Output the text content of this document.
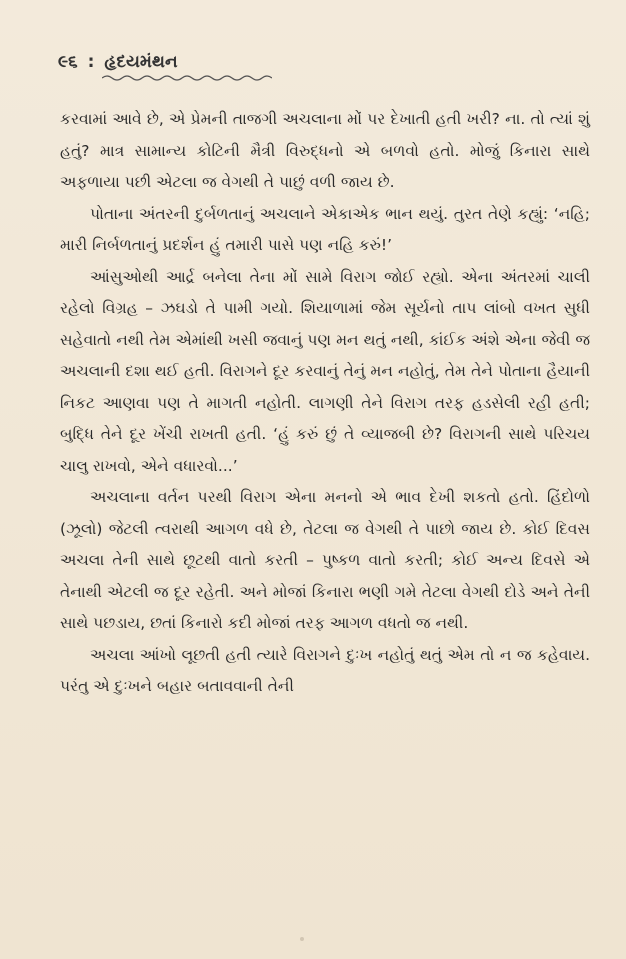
૯૬ : હૃદયમંથન

કરવામાં આવે છે, એ પ્રેમની તાજગી અચલાના મોં પર દેખાતી હતી ખરી? ના. તો ત્યાં શું હતું? માત્ર સામાન્ય કોટિની મૈત્રી વિરુદ્ધનો એ બળવો હતો. મોજું કિનારા સાથે અફળાયા પછી એટલા જ વેગથી તે પાછું વળી જાય છે.

પોતાના અંતરની દુર્બળતાનું અચલાને એકાએક ભાન થયું. તુરત તેણે કહ્યું: ‘નહિ; મારી નિર્બળતાનું પ્રદર્શન હું તમારી પાસે પણ નહિ કરું!’

આંસુઓથી આર્દ્ર બનેલા તેના મોં સામે વિરાગ જોઈ રહ્યો. એના અંતરમાં ચાલી રહેલો વિગ્રહ – ઝઘડો તે પામી ગયો. શિયાળામાં જેમ સૂર્યનો તાપ લાંબો વખત સુધી સહેવાતો નથી તેમ એમાંથી ખસી જવાનું પણ મન થતું નથી, કાંઈક અંશે એના જેવી જ અચલાની દશા થઈ હતી. વિરાગને દૂર કરવાનું તેનું મન નહોતું, તેમ તેને પોતાના હૈયાની નિકટ આણવા પણ તે માગતી નહોતી. લાગણી તેને વિરાગ તરફ હડસેલી રહી હતી; બુદ્ધિ તેને દૂર ખેંચી રાખતી હતી. ‘હું કરું છું તે વ્યાજબી છે? વિરાગની સાથે પરિચય ચાલુ રાખવો, એને વધારવો...’

અચલાના વર્તન પરથી વિરાગ એના મનનો એ ભાવ દેખી શકતો હતો. હિંદોળો (ઝૂલો) જેટલી ત્વરાથી આગળ વધે છે, તેટલા જ વેગથી તે પાછો જાય છે. કોઈ દિવસ અચલા તેની સાથે છૂટથી વાતો કરતી – પુષ્કળ વાતો કરતી; કોઈ અન્ય દિવસે એ તેનાથી એટલી જ દૂર રહેતી. અને મોજાં કિનારા ભણી ગમે તેટલા વેગથી દોડે અને તેની સાથે પછડાય, છતાં કિનારો કદી મોજાં તરફ આગળ વધતો જ નથી.

અચલા આંખો લૂછતી હતી ત્યારે વિરાગને દુઃખ નહોતું થતું એમ તો ન જ કહેવાય. પરંતુ એ દુઃખને બહાર બતાવવાની તેની
